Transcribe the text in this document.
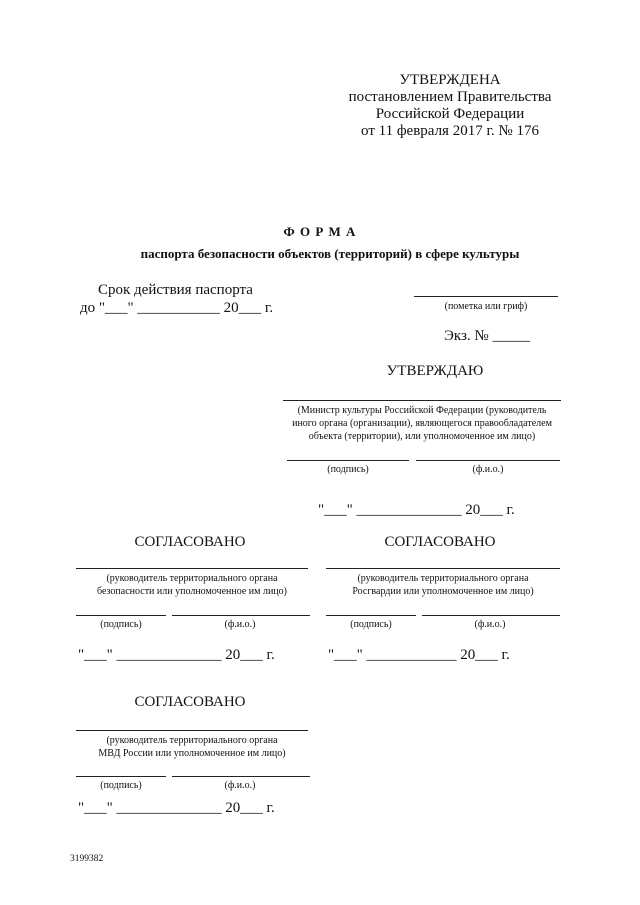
УТВЕРЖДЕНА
постановлением Правительства
Российской Федерации
от 11 февраля 2017 г. № 176
Ф О Р М А
паспорта безопасности объектов (территорий) в сфере культуры
Срок действия паспорта
до "___" ___________ 20___ г.	(пометка или гриф)
Экз. № _____
УТВЕРЖДАЮ
(Министр культуры Российской Федерации (руководитель
иного органа (организации), являющегося правообладателем
объекта (территории), или уполномоченное им лицо)
(подпись)	(ф.и.о.)
"___" ______________ 20___ г.
СОГЛАСОВАНО
(руководитель территориального органа
безопасности или уполномоченное им лицо)
(подпись)	(ф.и.о.)
"___" ______________ 20___ г.
СОГЛАСОВАНО
(руководитель территориального органа
Росгвардии или уполномоченное им лицо)
(подпись)	(ф.и.о.)
"___" ____________ 20___ г.
СОГЛАСОВАНО
(руководитель территориального органа
МВД России или уполномоченное им лицо)
(подпись)	(ф.и.о.)
"___" ______________ 20___ г.
3199382
